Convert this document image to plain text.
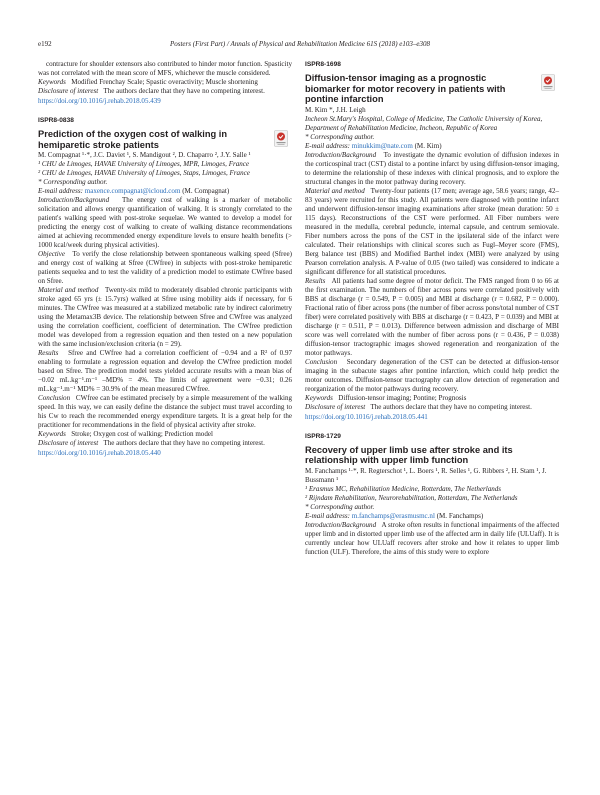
e192	Posters (First Part) / Annals of Physical and Rehabilitation Medicine 61S (2018) e103–e308

contracture for shoulder extensors also contributed to hinder motor function. Spasticity was not correlated with the mean score of MFS, whichever the muscle considered.

Keywords Modified Frenchay Scale; Spastic overactivity; Muscle shortening

Disclosure of interest The authors declare that they have no competing interest.

https://doi.org/10.1016/j.rehab.2018.05.439

ISPR8-0838
Prediction of the oxygen cost of walking in hemiparetic stroke patients

M. Compagnat ¹·*, J.C. Daviet ¹, S. Mandigout ², D. Chaparro ², J.Y. Salle ¹

¹ CHU de Limoges, HAVAE University of Limoges, MPR, Limoges, France

² CHU de Limoges, HAVAE University of Limoges, Staps, Limoges, France

* Corresponding author.

E-mail address: maxence.compagnat@icloud.com (M. Compagnat)

Introduction/Background The energy cost of walking is a marker of metabolic solicitation and allows energy quantification of walking. It is strongly correlated to the patient's walking speed with post-stroke sequelae. We wanted to develop a model for predicting the energy cost of walking to create of walking distance recommendations aimed at achieving recommended energy expenditure levels to ensure health benefits (> 1000 kcal/week during physical activities).

Objective To verify the close relationship between spontaneous walking speed (Sfree) and energy cost of walking at Sfree (CWfree) in subjects with post-stroke hemiparetic patients sequelea and to test the validity of a prediction model to estimate CWfree based on Sfree.

Material and method Twenty-six mild to moderately disabled chronic participants with stroke aged 65 yrs (± 15.7yrs) walked at Sfree using mobility aids if necessary, for 6 minutes. The CWfree was measured at a stabilized metabolic rate by indirect calorimetry using the Metamax3B device. The relationship between Sfree and CWfree was analyzed using the correlation coefficient, coefficient of determination. The CWfree prediction model was developed from a regression equation and then tested on a new population with the same inclusion/exclusion criteria (n = 29).

Results Sfree and CWfree had a correlation coefficient of −0.94 and a R² of 0.97 enabling to formulate a regression equation and develop the CWfree prediction model based on Sfree. The prediction model tests yielded accurate results with a mean bias of −0.02 mL.kg⁻¹.m⁻¹ –MD% = 4%. The limits of agreement were −0.31; 0.26 mL.kg⁻¹.m⁻¹ MD% = 30.9% of the mean measured CWfree.

Conclusion CWfree can be estimated precisely by a simple measurement of the walking speed. In this way, we can easily define the distance the subject must travel according to his Cw to reach the recommended energy expenditure targets. It is a great help for the practitioner for recommendations in the field of physical activity after stroke.

Keywords Stroke; Oxygen cost of walking; Prediction model

Disclosure of interest The authors declare that they have no competing interest.

https://doi.org/10.1016/j.rehab.2018.05.440

ISPR8-1698
Diffusion-tensor imaging as a prognostic biomarker for motor recovery in patients with pontine infarction

M. Kim *, J.H. Leigh

Incheon St.Mary's Hospital, College of Medicine, The Catholic University of Korea, Department of Rehabilitation Medicine, Incheon, Republic of Korea

* Corresponding author.

E-mail address: minukkim@nate.com (M. Kim)

Introduction/Background To investigate the dynamic evolution of diffusion indexes in the corticospinal tract (CST) distal to a pontine infarct by using diffusion-tensor imaging, to determine the relationship of these indexes with clinical prognosis, and to explore the structural changes in the motor pathway during recovery.

Material and method Twenty-four patients (17 men; average age, 58.6 years; range, 42–83 years) were recruited for this study. All patients were diagnosed with pontine infarct and underwent diffusion-tensor imaging examinations after stroke (mean duration: 50 ± 115 days). Reconstructions of the CST were performed. All Fiber numbers were measured in the medulla, cerebral peduncle, internal capsule, and centrum semiovale. Fiber numbers across the pons of the CST in the ipsilateral side of the infarct were calculated. Their relationships with clinical scores such as Fugl–Meyer score (FMS), Berg balance test (BBS) and Modified Barthel index (MBI) were analyzed by using Pearson correlation analysis. A P-value of 0.05 (two tailed) was considered to indicate a significant difference for all statistical procedures.

Results All patients had some degree of motor deficit. The FMS ranged from 0 to 66 at the first examination. The numbers of fiber across pons were correlated positively with BBS at discharge (r = 0.549, P = 0.005) and MBI at discharge (r = 0.682, P = 0.000). Fractional ratio of fiber across pons (the number of fiber across pons/total number of CST fiber) were correlated positively with BBS at discharge (r = 0.423, P = 0.039) and MBI at discharge (r = 0.511, P = 0.013). Difference between admission and discharge of MBI score was well correlated with the number of fiber across pons (r = 0.436, P = 0.038) diffusion-tensor tractographic images showed regeneration and reorganization of the motor pathways.

Conclusion Secondary degeneration of the CST can be detected at diffusion-tensor imaging in the subacute stages after pontine infarction, which could help predict the motor outcomes. Diffusion-tensor tractography can allow detection of regeneration and reorganization of the motor pathways during recovery.

Keywords Diffusion-tensor imaging; Pontine; Prognosis

Disclosure of interest The authors declare that they have no competing interest.

https://doi.org/10.1016/j.rehab.2018.05.441

ISPR8-1729
Recovery of upper limb use after stroke and its relationship with upper limb function

M. Fanchamps ¹·*, R. Regterschot ¹, L. Boers ¹, R. Selles ¹, G. Ribbers ², H. Stam ¹, J. Bussmann ¹

¹ Erasmus MC, Rehabilitation Medicine, Rotterdam, The Netherlands

² Rijndam Rehabilitation, Neurorehabilitation, Rotterdam, The Netherlands

* Corresponding author.

E-mail address: m.fanchamps@erasmusmc.nl (M. Fanchamps)

Introduction/Background A stroke often results in functional impairments of the affected upper limb and in distorted upper limb use of the affected arm in daily life (ULUaff). It is currently unclear how ULUaff recovers after stroke and how it relates to upper limb function (ULF). Therefore, the aims of this study were to explore
